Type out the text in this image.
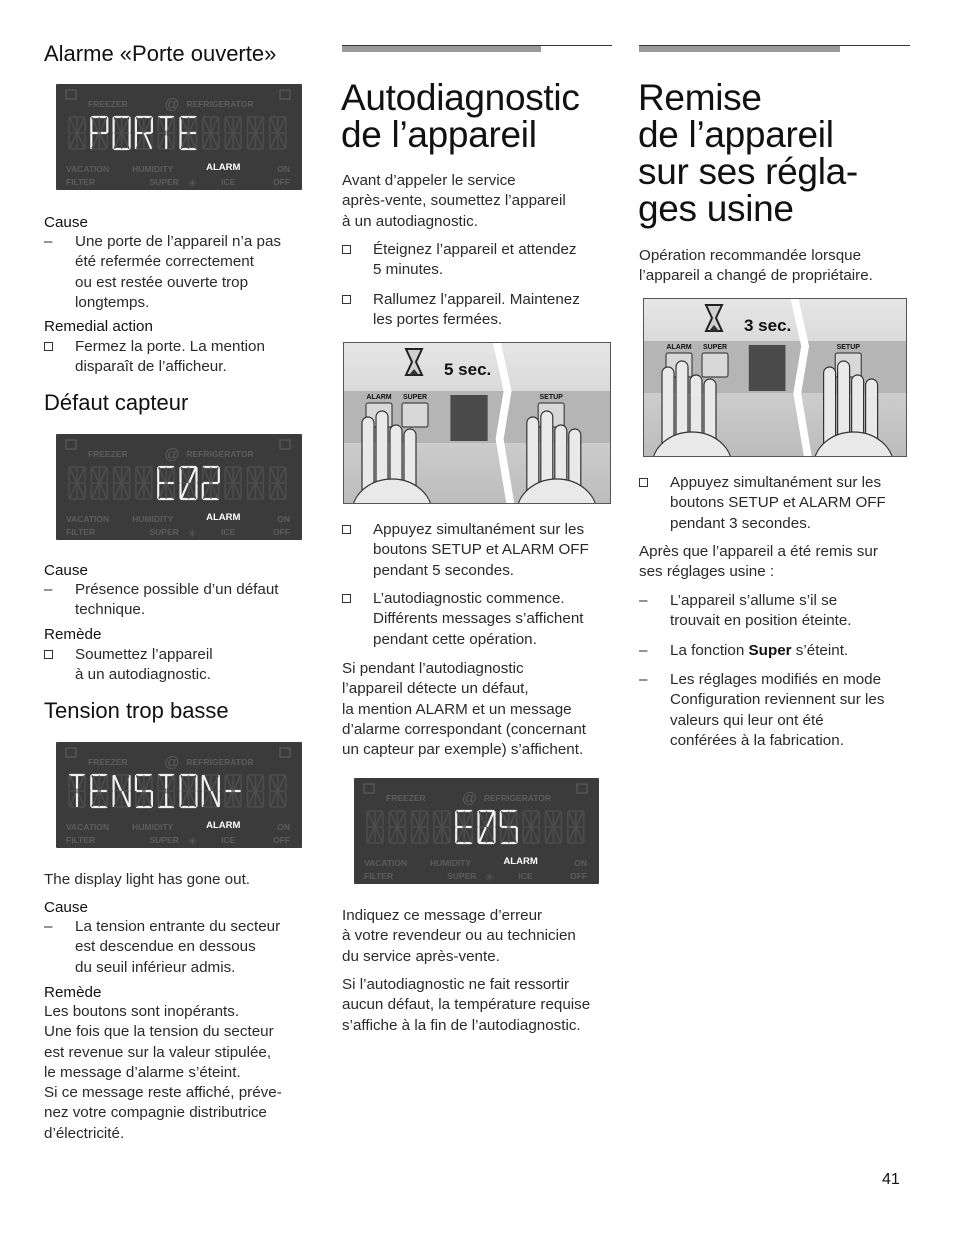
Alarme «Porte ouverte»
FREEZER @ REFRIGERATOR
VACATION	HUMIDITY	ON
FILTER	SUPER ✳	ICE	OFF
ALARM
Cause
– Une porte de l’appareil n’a pas
été refermée correctement
ou est restée ouverte trop
longtemps.
Remedial action
Fermez la porte. La mention
disparaît de l’afficheur.
Défaut capteur
FREEZER @ REFRIGERATOR
VACATION	HUMIDITY	ON
FILTER	SUPER ✳	ICE	OFF
ALARM
Cause
– Présence possible d’un défaut
technique.
Remède
Soumettez l’appareil
à un autodiagnostic.
Tension trop basse
FREEZER @ REFRIGERATOR
VACATION	HUMIDITY	ON
FILTER	SUPER ✳	ICE	OFF
ALARM
The display light has gone out.
Cause
– La tension entrante du secteur
est descendue en dessous
du seuil inférieur admis.
Remède
Les boutons sont inopérants.
Une fois que la tension du secteur
est revenue sur la valeur stipulée,
le message d’alarme s’éteint.
Si ce message reste affiché, préve-
nez votre compagnie distributrice
d’électricité.
Autodiagnostic
de l’appareil
Avant d’appeler le service
après-vente, soumettez l’appareil
à un autodiagnostic.
Éteignez l’appareil et attendez
5 minutes.
Rallumez l’appareil. Maintenez
les portes fermées.
5 sec.
ALARM SUPER	SETUP
Appuyez simultanément sur les
boutons SETUP et ALARM OFF
pendant 5 secondes.
L’autodiagnostic commence.
Différents messages s’affichent
pendant cette opération.
Si pendant l’autodiagnostic
l’appareil détecte un défaut,
la mention ALARM et un message
d’alarme correspondant (concernant
un capteur par exemple) s’affichent.
FREEZER @ REFRIGERATOR
VACATION	HUMIDITY	ON
FILTER	SUPER ✳	ICE	OFF
ALARM
Indiquez ce message d’erreur
à votre revendeur ou au technicien
du service après-vente.
Si l’autodiagnostic ne fait ressortir
aucun défaut, la température requise
s’affiche à la fin de l’autodiagnostic.
Remise
de l’appareil
sur ses régla-
ges usine
Opération recommandée lorsque
l’appareil a changé de propriétaire.
3 sec.
ALARM SUPER	SETUP
Appuyez simultanément sur les
boutons SETUP et ALARM OFF
pendant 3 secondes.
Après que l’appareil a été remis sur
ses réglages usine :
– L’appareil s’allume s’il se
trouvait en position éteinte.
– La fonction Super s’éteint.
– Les réglages modifiés en mode
Configuration reviennent sur les
valeurs qui leur ont été
conférées à la fabrication.
41
